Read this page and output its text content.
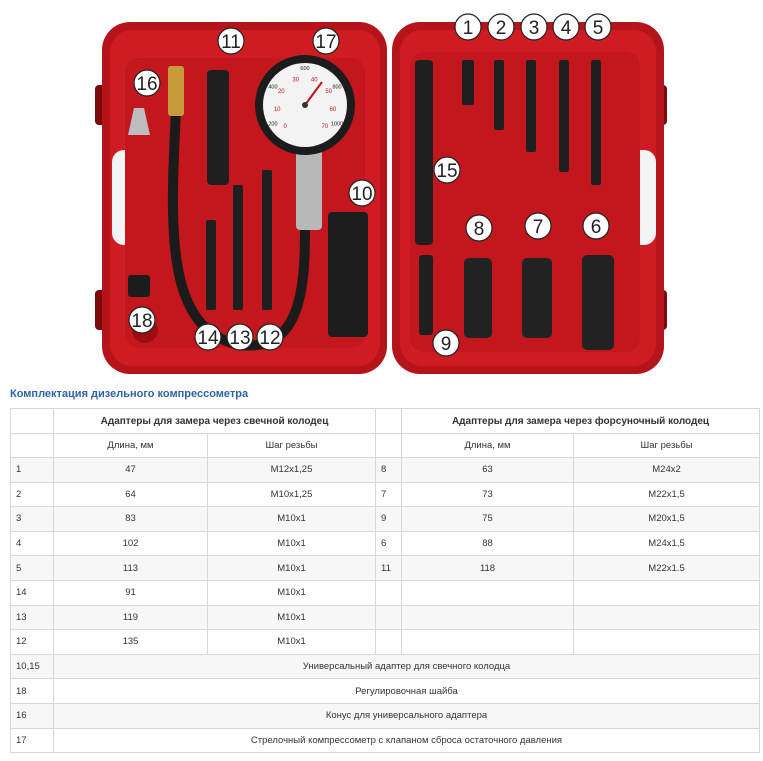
0
10
20
30 40
50
60
70
200
400
600
800
1000
1 2 3 4 5
6
7
8
9
10
11
12
13
14
15
16
17
18
Комплектация дизельного компрессометра
	Адаптеры для замера через свечной колодец			Адаптеры для замера через форсуночный колодец	
	Длина, мм	Шаг резьбы		Длина, мм	Шаг резьбы
1	47	M12x1,25	8	63	M24x2
2	64	M10x1,25	7	73	M22x1,5
3	83	M10x1	9	75	M20x1,5
4	102	M10x1	6	88	M24x1,5
5	113	M10x1	11	118	M22x1.5
14	91	M10x1			
13	119	M10x1			
12	135	M10x1			
10,15	Универсальный адаптер для свечного колодца				
18	Регулировочная шайба				
16	Конус для универсального адаптера				
17	Стрелочный компрессометр с клапаном сброса остаточного давления				
